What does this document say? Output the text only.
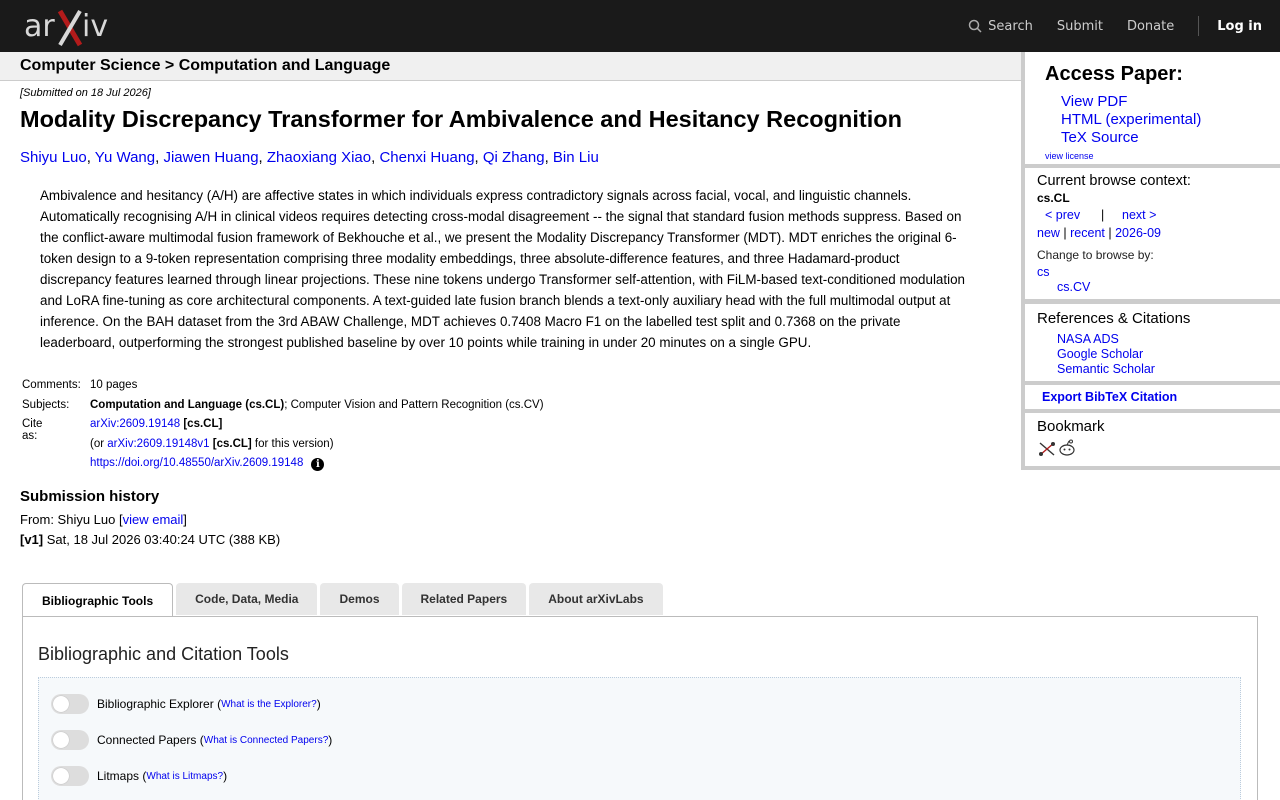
ar iv	Search Submit Donate	Log in
Computer Science > Computation and Language
[Submitted on 18 Jul 2026]
Modality Discrepancy Transformer for Ambivalence and Hesitancy Recognition
Shiyu Luo, Yu Wang, Jiawen Huang, Zhaoxiang Xiao, Chenxi Huang, Qi Zhang, Bin Liu
Ambivalence and hesitancy (A/H) are affective states in which individuals express contradictory signals across facial, vocal, and linguistic channels.
Automatically recognising A/H in clinical videos requires detecting cross-modal disagreement -- the signal that standard fusion methods suppress. Based on
the conflict-aware multimodal fusion framework of Bekhouche et al., we present the Modality Discrepancy Transformer (MDT). MDT enriches the original 6-
token design to a 9-token representation comprising three modality embeddings, three absolute-difference features, and three Hadamard-product
discrepancy features learned through linear projections. These nine tokens undergo Transformer self-attention, with FiLM-based text-conditioned modulation
and LoRA fine-tuning as core architectural components. A text-guided late fusion branch blends a text-only auxiliary head with the full multimodal output at
inference. On the BAH dataset from the 3rd ABAW Challenge, MDT achieves 0.7408 Macro F1 on the labelled test split and 0.7368 on the private
leaderboard, outperforming the strongest published baseline by over 10 points while training in under 20 minutes on a single GPU.
Comments: 10 pages
Subjects: Computation and Language (cs.CL); Computer Vision and Pattern Recognition (cs.CV)
Cite as:
arXiv:2609.19148 [cs.CL]
(or arXiv:2609.19148v1 [cs.CL] for this version)
https://doi.org/10.48550/arXiv.2609.19148 i
Submission history
From: Shiyu Luo [view email]
[v1] Sat, 18 Jul 2026 03:40:24 UTC (388 KB)
Bibliographic Tools	Code, Data, Media	Demos	Related Papers	About arXivLabs
Bibliographic and Citation Tools
Bibliographic Explorer ( What is the Explorer? )
Connected Papers ( What is Connected Papers? )
Litmaps ( What is Litmaps? )
Access Paper:
View PDF
HTML (experimental)
TeX Source
view license
Current browse context:
cs.CL
< prev | next >
new | recent | 2026-09
Change to browse by:
cs
cs.CV
References & Citations
NASA ADS
Google Scholar
Semantic Scholar
Export BibTeX Citation
Bookmark
